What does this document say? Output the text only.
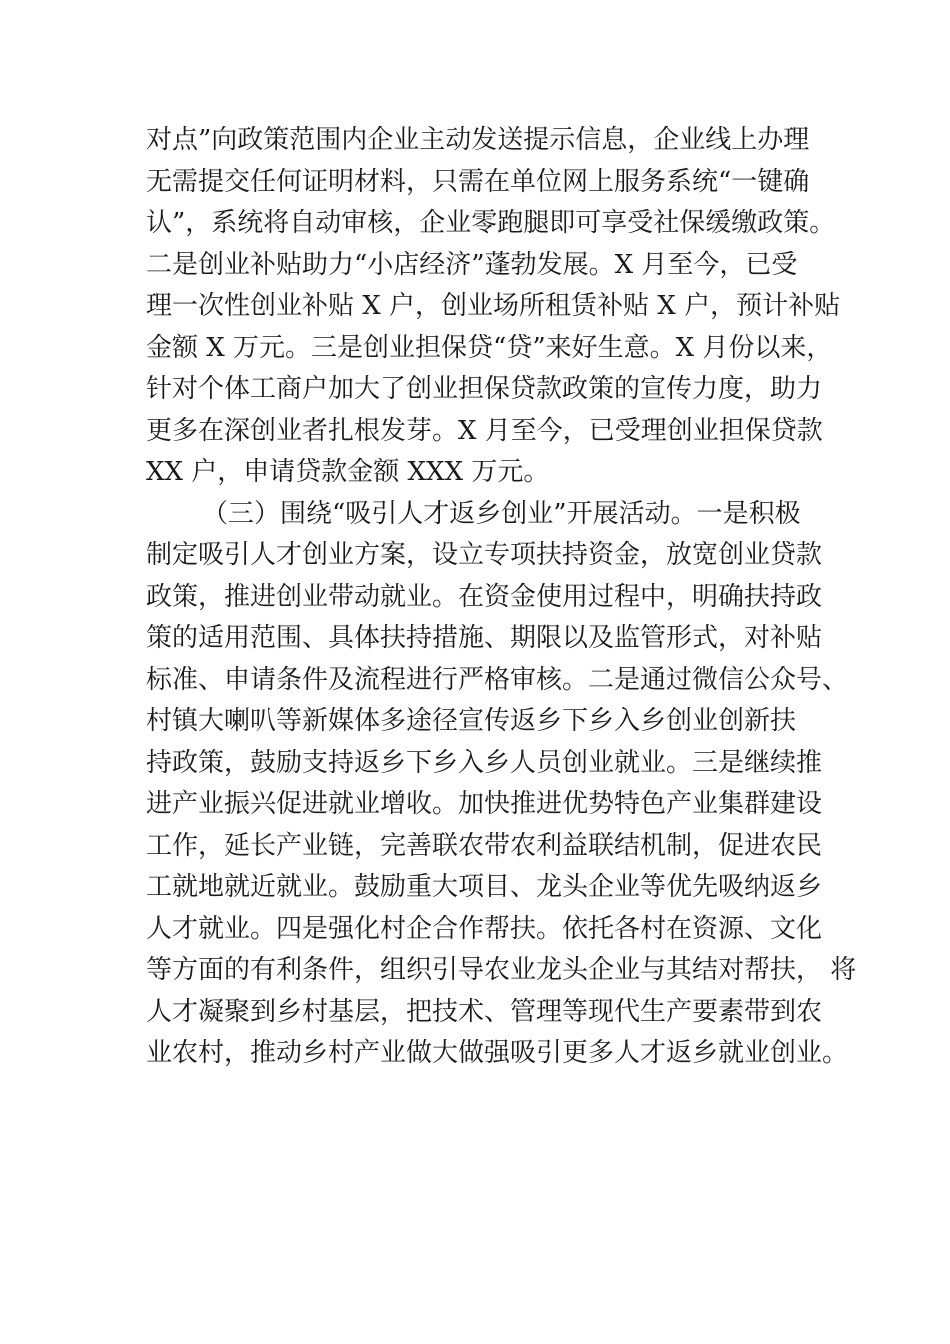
对点”向政策范围内企业主动发送提示信息，企业线上办理
无需提交任何证明材料，只需在单位网上服务系统“一键确
认”，系统将自动审核，企业零跑腿即可享受社保缓缴政策。
二是创业补贴助力“小店经济”蓬勃发展。X 月至今，已受
理一次性创业补贴 X 户，创业场所租赁补贴 X 户，预计补贴
金额 X 万元。三是创业担保贷“贷”来好生意。X 月份以来，
针对个体工商户加大了创业担保贷款政策的宣传力度，助力
更多在深创业者扎根发芽。X 月至今，已受理创业担保贷款
XX 户，申请贷款金额 XXX 万元。
（三）围绕“吸引人才返乡创业”开展活动。一是积极
制定吸引人才创业方案，设立专项扶持资金，放宽创业贷款
政策，推进创业带动就业。在资金使用过程中，明确扶持政
策的适用范围、具体扶持措施、期限以及监管形式，对补贴
标准、申请条件及流程进行严格审核。二是通过微信公众号、
村镇大喇叭等新媒体多途径宣传返乡下乡入乡创业创新扶
持政策，鼓励支持返乡下乡入乡人员创业就业。三是继续推
进产业振兴促进就业增收。加快推进优势特色产业集群建设
工作，延长产业链，完善联农带农利益联结机制，促进农民
工就地就近就业。鼓励重大项目、龙头企业等优先吸纳返乡
人才就业。四是强化村企合作帮扶。依托各村在资源、文化
等方面的有利条件，组织引导农业龙头企业与其结对帮扶， 将
人才凝聚到乡村基层，把技术、管理等现代生产要素带到农
业农村，推动乡村产业做大做强吸引更多人才返乡就业创业。
